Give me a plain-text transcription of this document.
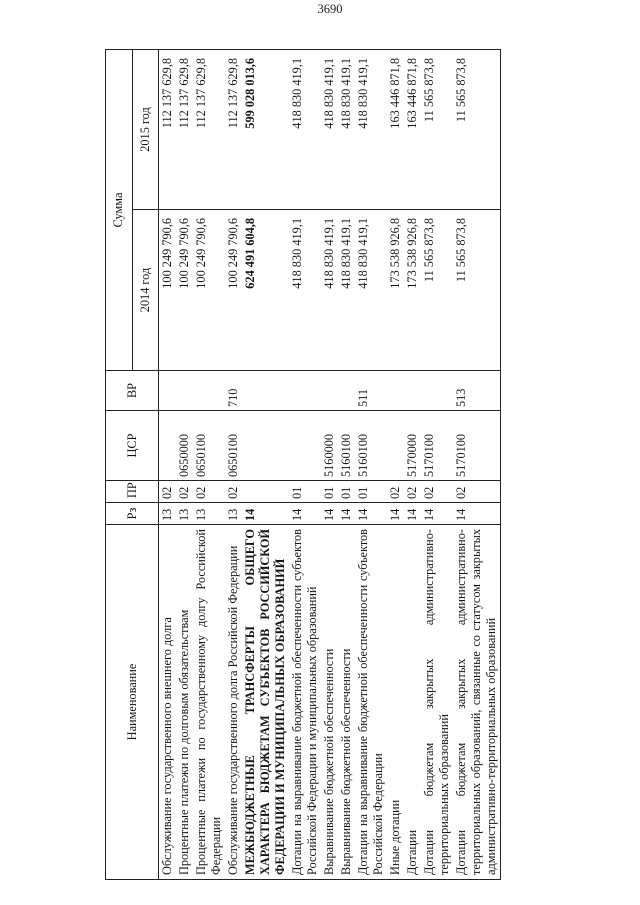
Наименование	Рз	ПР	ЦСР	ВР	Сумма	
					2014 год	2015 год
Обслуживание государственного внешнего долга	13	02			100 249 790,6	112 137 629,8
Процентные платежи по долговым обязательствам	13	02	0650000		100 249 790,6	112 137 629,8
Процентные платежи по государственному долгу Российской Федерации	13	02	0650100		100 249 790,6	112 137 629,8
Обслуживание государственного долга Российской Федерации	13	02	0650100	710	100 249 790,6	112 137 629,8
МЕЖБЮДЖЕТНЫЕ ТРАНСФЕРТЫ ОБЩЕГО ХАРАКТЕРА БЮДЖЕТАМ СУБЪЕКТОВ РОССИЙСКОЙ ФЕДЕРАЦИИ И МУНИЦИПАЛЬНЫХ ОБРАЗОВАНИЙ	14				624 491 604,8	599 028 013,6
Дотации на выравнивание бюджетной обеспеченности субъектов Российской Федерации и муниципальных образований	14	01			418 830 419,1	418 830 419,1
Выравнивание бюджетной обеспеченности	14	01	5160000		418 830 419,1	418 830 419,1
Выравнивание бюджетной обеспеченности	14	01	5160100		418 830 419,1	418 830 419,1
Дотации на выравнивание бюджетной обеспеченности субъектов Российской Федерации	14	01	5160100	511	418 830 419,1	418 830 419,1
Иные дотации	14	02			173 538 926,8	163 446 871,8
Дотации	14	02	5170000		173 538 926,8	163 446 871,8
Дотации бюджетам закрытых административно-территориальных образований	14	02	5170100		11 565 873,8	11 565 873,8
Дотации бюджетам закрытых административно-территориальных образований, связанные со статусом закрытых административно-территориальных образований	14	02	5170100	513	11 565 873,8	11 565 873,8
3690
